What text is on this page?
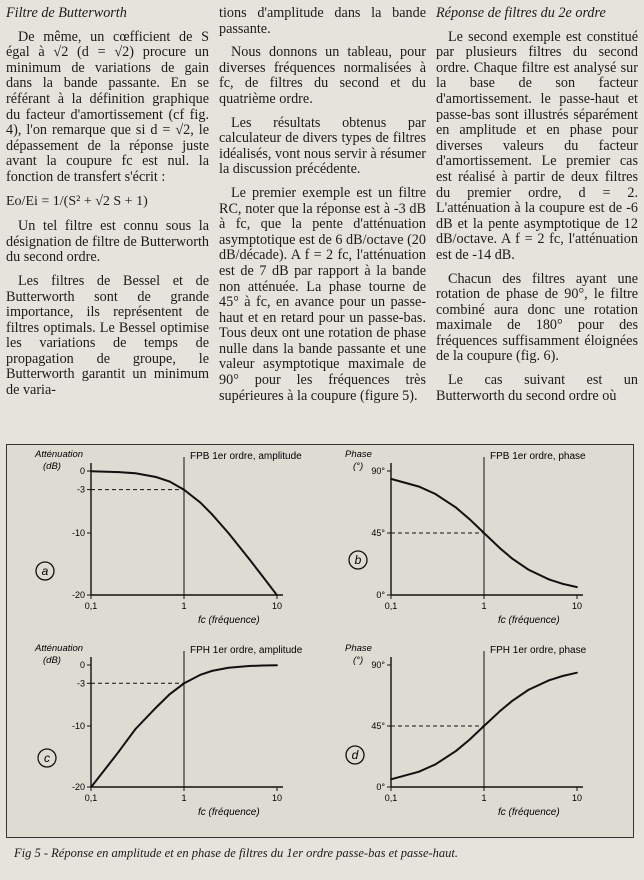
Filtre de Butterworth

De même, un cœfficient de S égal à √2 (d = √2) procure un minimum de variations de gain dans la bande passante. En se référant à la définition graphique du facteur d'amortissement (cf fig. 4), l'on remarque que si d = √2, le dépassement de la réponse juste avant la coupure fc est nul. la fonction de transfert s'écrit :

Eo/Ei = 1/(S² + √2 S + 1)

Un tel filtre est connu sous la désignation de filtre de Butterworth du second ordre.

Les filtres de Bessel et de Butterworth sont de grande importance, ils représentent de filtres optimals. Le Bessel optimise les variations de temps de propagation de groupe, le Butterworth garantit un minimum de varia-

tions d'amplitude dans la bande passante.

Nous donnons un tableau, pour diverses fréquences normalisées à fc, de filtres du second et du quatrième ordre.

Les résultats obtenus par calculateur de divers types de filtres idéalisés, vont nous servir à résumer la discussion précédente.

Le premier exemple est un filtre RC, noter que la réponse est à -3 dB à fc, que la pente d'atténuation asymptotique est de 6 dB/octave (20 dB/décade). A f = 2 fc, l'atténuation est de 7 dB par rapport à la bande non atténuée. La phase tourne de 45° à fc, en avance pour un passe-haut et en retard pour un passe-bas. Tous deux ont une rotation de phase nulle dans la bande passante et une valeur asymptotique maximale de 90° pour les fréquences très supérieures à la coupure (figure 5).

Réponse de filtres du 2e ordre

Le second exemple est constitué par plusieurs filtres du second ordre. Chaque filtre est analysé sur la base de son facteur d'amortissement. le passe-haut et passe-bas sont illustrés séparément en amplitude et en phase pour diverses valeurs du facteur d'amortissement. Le premier cas est réalisé à partir de deux filtres du premier ordre, d = 2. L'atténuation à la coupure est de -6 dB et la pente asymptotique de 12 dB/octave. A f = 2 fc, l'atténuation est de -14 dB.

Chacun des filtres ayant une rotation de phase de 90°, le filtre combiné aura donc une rotation maximale de 180° pour des fréquences suffisamment éloignées de la coupure (fig. 6).

Le cas suivant est un Butterworth du second ordre où

0
-3
-10
-20
0,1	1	10
Atténuation
(dB)
fc (fréquence)
FPB 1er ordre, amplitude
a
0°
45°
90°
0,1	1	10
Phase
(°)
fc (fréquence)
FPB 1er ordre, phase
b
0
-3
-10
-20
0,1	1	10
Atténuation
(dB)
fc (fréquence)
FPH 1er ordre, amplitude
c
0°
45°
90°
0,1	1	10
Phase
(°)
fc (fréquence)
FPH 1er ordre, phase
d
Fig 5 - Réponse en amplitude et en phase de filtres du 1er ordre passe-bas et passe-haut.
